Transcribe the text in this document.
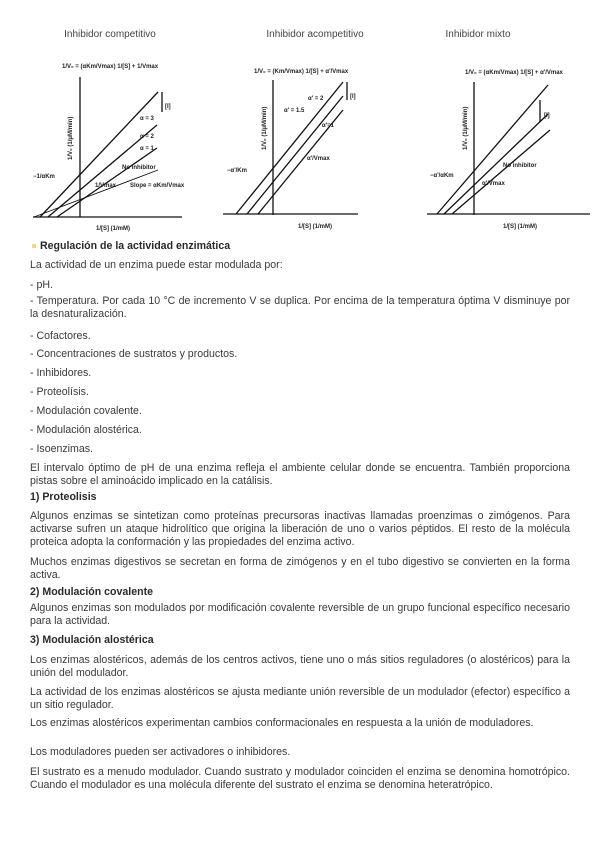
Inhibidor competitivo
1/V₀ = (αKm/Vmax) 1/[S] + 1/Vmax
[I]
α = 3
α = 2
α = 1
No inhibitor
1/Vmax Slope = αKm/Vmax
−1/αKm
1/[S] (1/mM)
1/V₀ (1/μM/min)
Inhibidor acompetitivo
1/V₀ = (Km/Vmax) 1/[S] + α'/Vmax
[I]
α' = 2
α' = 1.5
α'=1
α'/Vmax
−α'/Km
1/[S] (1/mM)
1/V₀ (1/μM/min)
Inhibidor mixto
1/V₀ = (αKm/Vmax) 1/[S] + α'/Vmax
[I]
No inhibitor
α'/Vmax
−α'/αKm
1/[S] (1/mM)
1/V₀ (1/μM/min)
Regulación de la actividad enzimática
La actividad de un enzima puede estar modulada por:
- pH.
- Temperatura. Por cada 10 °C de incremento V se duplica. Por encima de la temperatura óptima V disminuye por la desnaturalización.
- Cofactores.
- Concentraciones de sustratos y productos.
- Inhibidores.
- Proteolísis.
- Modulación covalente.
- Modulación alostérica.
- Isoenzimas.
El intervalo óptimo de pH de una enzima refleja el ambiente celular donde se encuentra. También proporciona pistas sobre el aminoácido implicado en la catálisis.
1) Proteolisis
Algunos enzimas se sintetizan como proteínas precursoras inactivas llamadas proenzimas o zimógenos. Para activarse sufren un ataque hidrolítico que origina la liberación de uno o varios péptidos. El resto de la molécula proteica adopta la conformación y las propiedades del enzima activo.
Muchos enzimas digestivos se secretan en forma de zimógenos y en el tubo digestivo se convierten en la forma activa.
2) Modulación covalente
Algunos enzimas son modulados por modificación covalente reversible de un grupo funcional específico necesario para la actividad.
3) Modulación alostérica
Los enzimas alostéricos, además de los centros activos, tiene uno o más sitios reguladores (o alostéricos) para la unión del modulador.
La actividad de los enzimas alostéricos se ajusta mediante unión reversible de un modulador (efector) específico a un sitio regulador.
Los enzimas alostéricos experimentan cambios conformacionales en respuesta a la unión de moduladores.
Los moduladores pueden ser activadores o inhibidores.
El sustrato es a menudo modulador. Cuando sustrato y modulador coinciden el enzima se denomina homotrópico. Cuando el modulador es una molécula diferente del sustrato el enzima se denomina heteratrópico.
